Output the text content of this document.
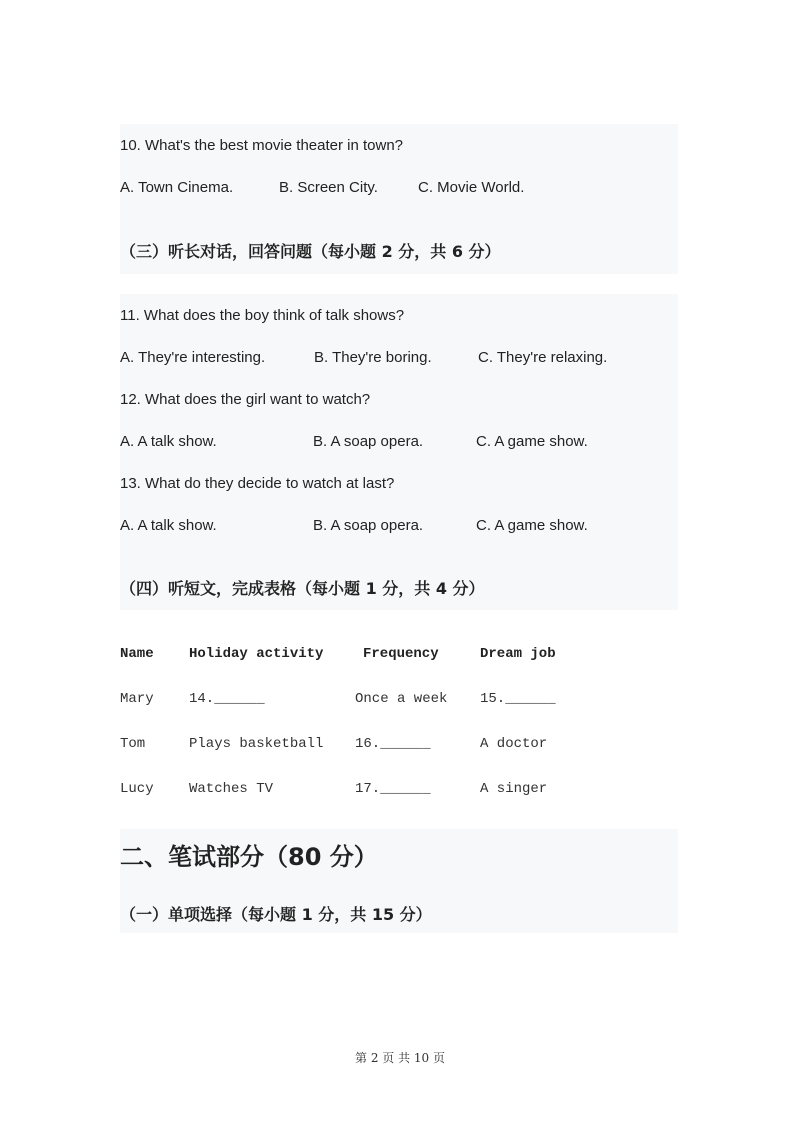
10. What's the best movie theater in town?
A. Town Cinema.	B. Screen City.	C. Movie World.
（三）听长对话，回答问题（每小题 2 分，共 6 分）
11. What does the boy think of talk shows?
A. They're interesting.	B. They're boring.	C. They're relaxing.
12. What does the girl want to watch?
A. A talk show.	B. A soap opera.	C. A game show.
13. What do they decide to watch at last?
A. A talk show.	B. A soap opera.	C. A game show.
（四）听短文，完成表格（每小题 1 分，共 4 分）
Name	Holiday activity	Frequency	Dream job
Mary	14.______	Once a week 15.______
Tom	Plays basketball 16.______	A doctor
Lucy	Watches TV	17.______	A singer
二、笔试部分（80 分）
（一）单项选择（每小题 1 分，共 15 分）
第 2 页 共 10 页
